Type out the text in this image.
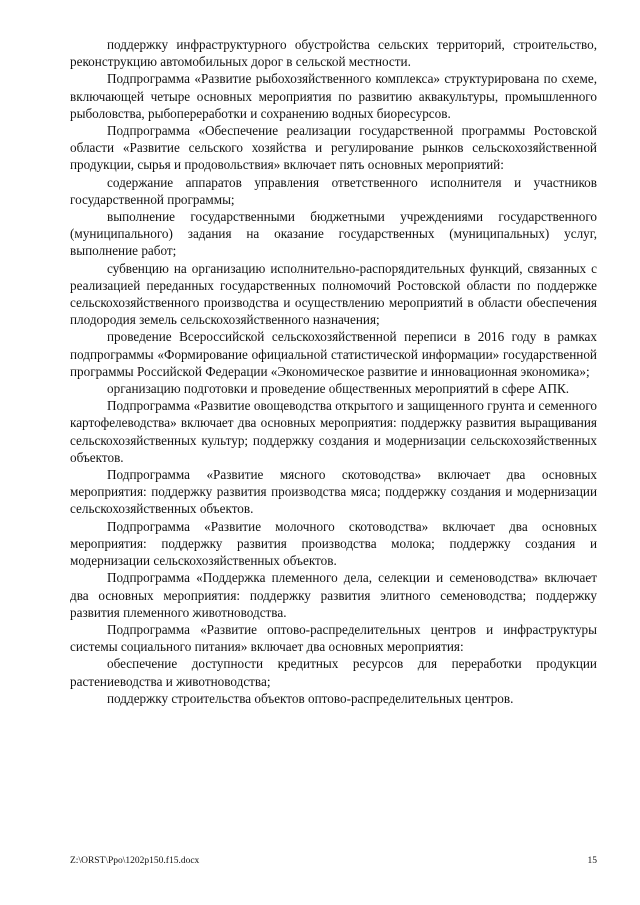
поддержку инфраструктурного обустройства сельских территорий, строительство, реконструкцию автомобильных дорог в сельской местности.

Подпрограмма «Развитие рыбохозяйственного комплекса» структурирована по схеме, включающей четыре основных мероприятия по развитию аквакультуры, промышленного рыболовства, рыбопереработки и сохранению водных биоресурсов.

Подпрограмма «Обеспечение реализации государственной программы Ростовской области «Развитие сельского хозяйства и регулирование рынков сельскохозяйственной продукции, сырья и продовольствия» включает пять основных мероприятий:

содержание аппаратов управления ответственного исполнителя и участников государственной программы;

выполнение государственными бюджетными учреждениями государственного (муниципального) задания на оказание государственных (муниципальных) услуг, выполнение работ;

субвенцию на организацию исполнительно-распорядительных функций, связанных с реализацией переданных государственных полномочий Ростовской области по поддержке сельскохозяйственного производства и осуществлению мероприятий в области обеспечения плодородия земель сельскохозяйственного назначения;

проведение Всероссийской сельскохозяйственной переписи в 2016 году в рамках подпрограммы «Формирование официальной статистической информации» государственной программы Российской Федерации «Экономическое развитие и инновационная экономика»;

организацию подготовки и проведение общественных мероприятий в сфере АПК.

Подпрограмма «Развитие овощеводства открытого и защищенного грунта и семенного картофелеводства» включает два основных мероприятия: поддержку развития выращивания сельскохозяйственных культур; поддержку создания и модернизации сельскохозяйственных объектов.

Подпрограмма «Развитие мясного скотоводства» включает два основных мероприятия: поддержку развития производства мяса; поддержку создания и модернизации сельскохозяйственных объектов.

Подпрограмма «Развитие молочного скотоводства» включает два основных мероприятия: поддержку развития производства молока; поддержку создания и модернизации сельскохозяйственных объектов.

Подпрограмма «Поддержка племенного дела, селекции и семеноводства» включает два основных мероприятия: поддержку развития элитного семеноводства; поддержку развития племенного животноводства.

Подпрограмма «Развитие оптово-распределительных центров и инфраструктуры системы социального питания» включает два основных мероприятия:

обеспечение доступности кредитных ресурсов для переработки продукции растениеводства и животноводства;

поддержку строительства объектов оптово-распределительных центров.

Z:\ORST\Ppo\1202p150.f15.docx	15
